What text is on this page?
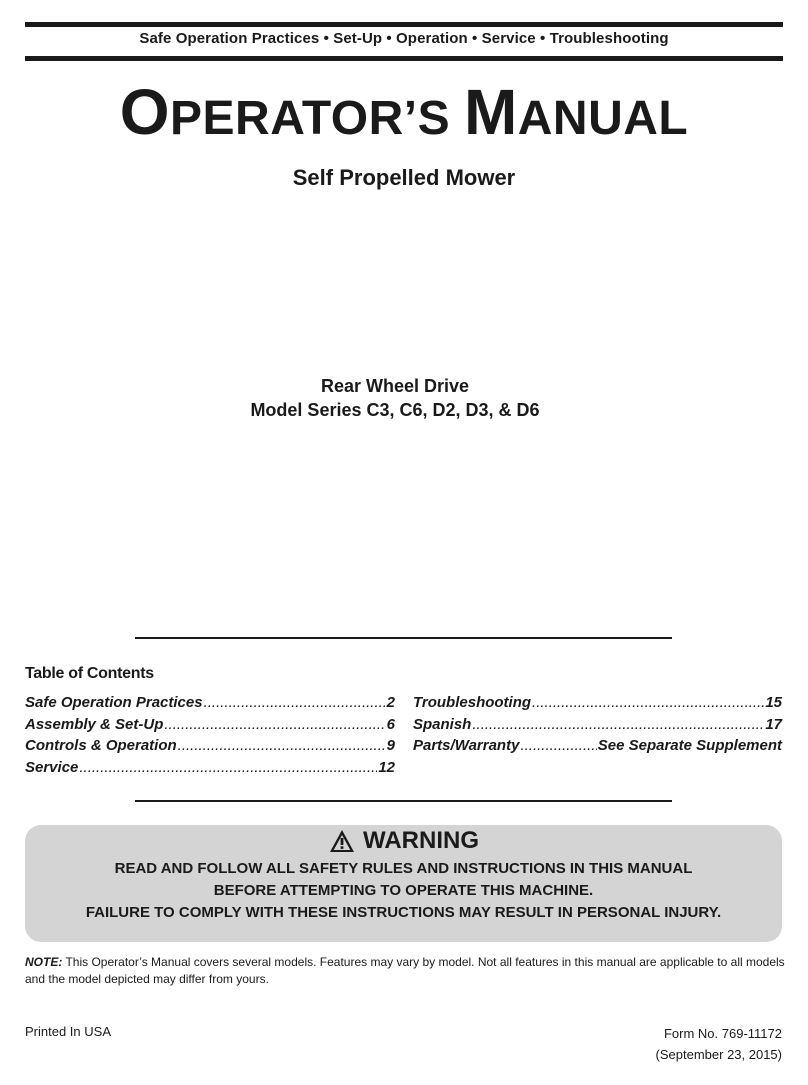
Safe Operation Practices • Set-Up • Operation • Service • Troubleshooting
OPERATOR’S MANUAL
Self Propelled Mower
Rear Wheel Drive
Model Series C3, C6, D2, D3, & D6
Table of Contents
Safe Operation Practices .....	2
Assembly & Set-Up .....	6
Controls & Operation .....	9
Service .....	12
Troubleshooting .....	15
Spanish .....	17
Parts/Warranty .....	See Separate Supplement
WARNING
READ AND FOLLOW ALL SAFETY RULES AND INSTRUCTIONS IN THIS MANUAL
BEFORE ATTEMPTING TO OPERATE THIS MACHINE.
FAILURE TO COMPLY WITH THESE INSTRUCTIONS MAY RESULT IN PERSONAL INJURY.
NOTE: This Operator’s Manual covers several models. Features may vary by model. Not all features in this manual are applicable to all models and the model depicted may differ from yours.
Printed In USA	Form No. 769-11172
(September 23, 2015)
